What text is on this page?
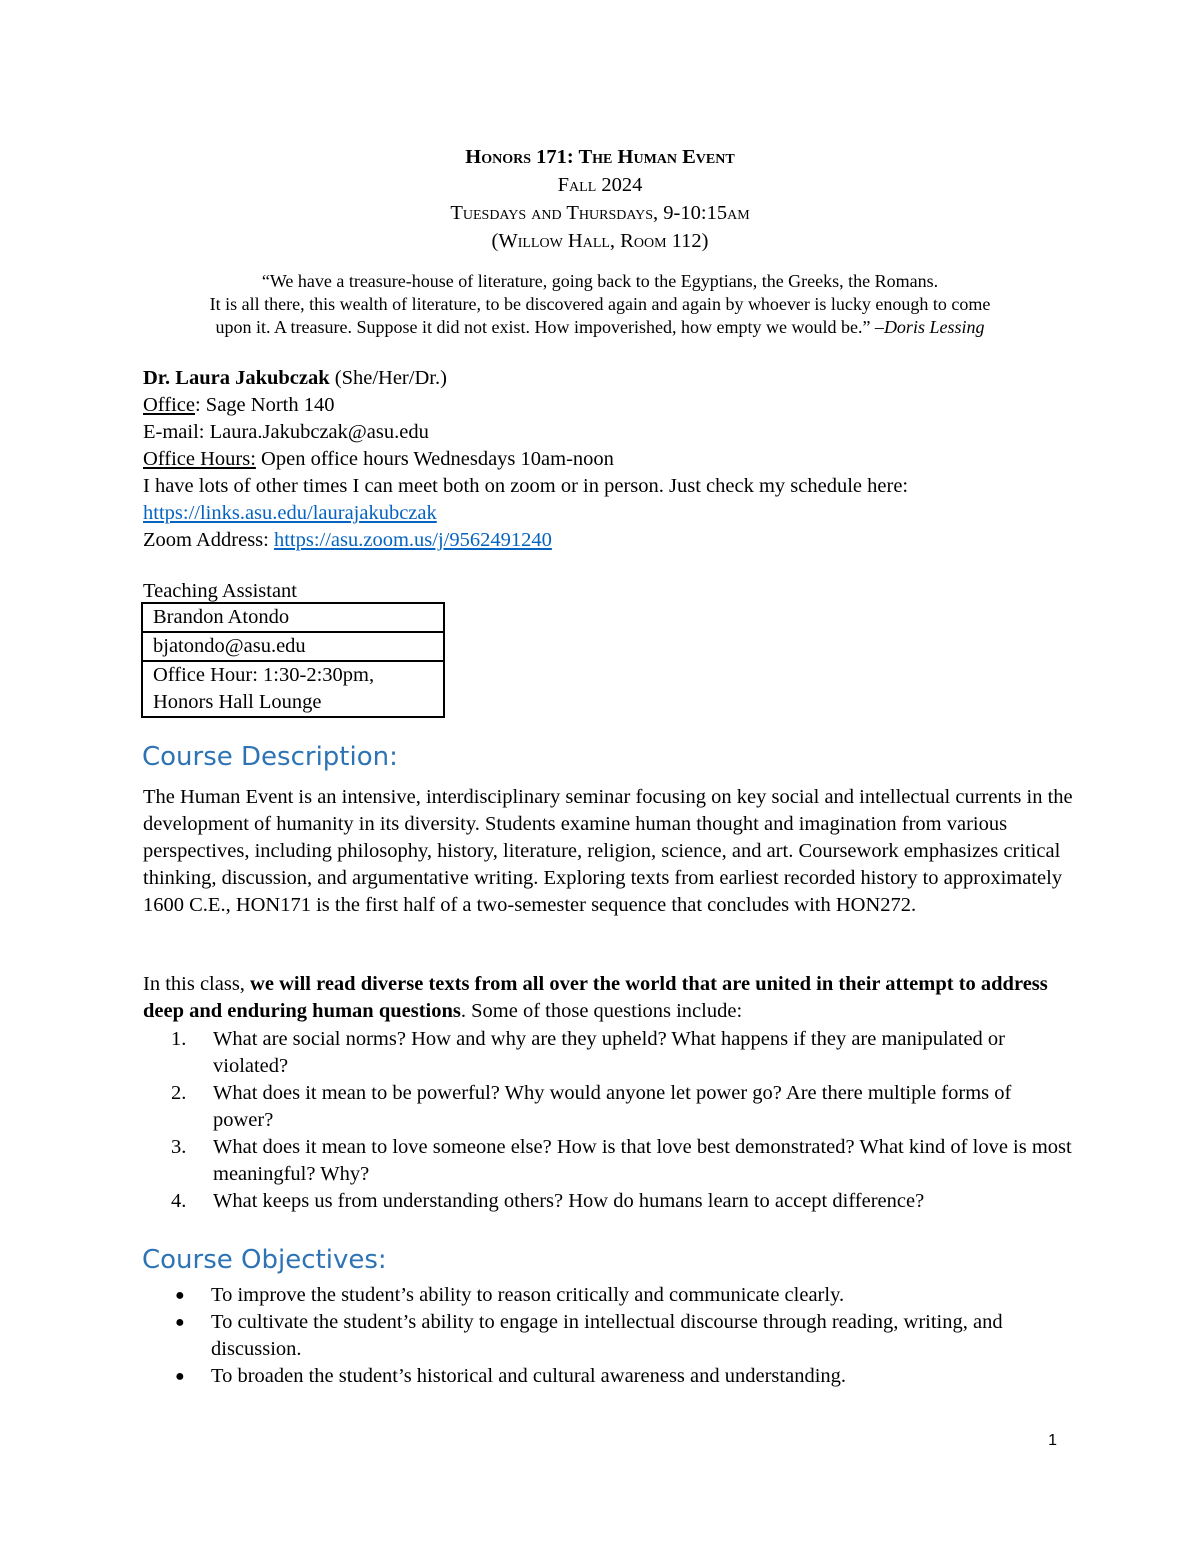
Honors 171: The Human Event
Fall 2024
Tuesdays and Thursdays, 9-10:15am
(Willow Hall, Room 112)
“We have a treasure-house of literature, going back to the Egyptians, the Greeks, the Romans.
It is all there, this wealth of literature, to be discovered again and again by whoever is lucky enough to come
upon it. A treasure. Suppose it did not exist. How impoverished, how empty we would be.” –Doris Lessing
Dr. Laura Jakubczak (She/Her/Dr.)
Office: Sage North 140
E-mail: Laura.Jakubczak@asu.edu
Office Hours: Open office hours Wednesdays 10am-noon
I have lots of other times I can meet both on zoom or in person. Just check my schedule here:
https://links.asu.edu/laurajakubczak
Zoom Address: https://asu.zoom.us/j/9562491240
Teaching Assistant
Brandon Atondo
bjatondo@asu.edu

Office Hour: 1:30-2:30pm,
Honors Hall Lounge
Course Description:
The Human Event is an intensive, interdisciplinary seminar focusing on key social and intellectual currents in the development of humanity in its diversity. Students examine human thought and imagination from various perspectives, including philosophy, history, literature, religion, science, and art. Coursework emphasizes critical thinking, discussion, and argumentative writing. Exploring texts from earliest recorded history to approximately 1600 C.E., HON171 is the first half of a two-semester sequence that concludes with HON272.
In this class, we will read diverse texts from all over the world that are united in their attempt to address deep and enduring human questions. Some of those questions include:
1. What are social norms? How and why are they upheld? What happens if they are manipulated or violated?
2. What does it mean to be powerful? Why would anyone let power go? Are there multiple forms of power?
3. What does it mean to love someone else? How is that love best demonstrated? What kind of love is most meaningful? Why?
4. What keeps us from understanding others? How do humans learn to accept difference?
Course Objectives:
● To improve the student’s ability to reason critically and communicate clearly.
● To cultivate the student’s ability to engage in intellectual discourse through reading, writing, and discussion.
● To broaden the student’s historical and cultural awareness and understanding.
1
